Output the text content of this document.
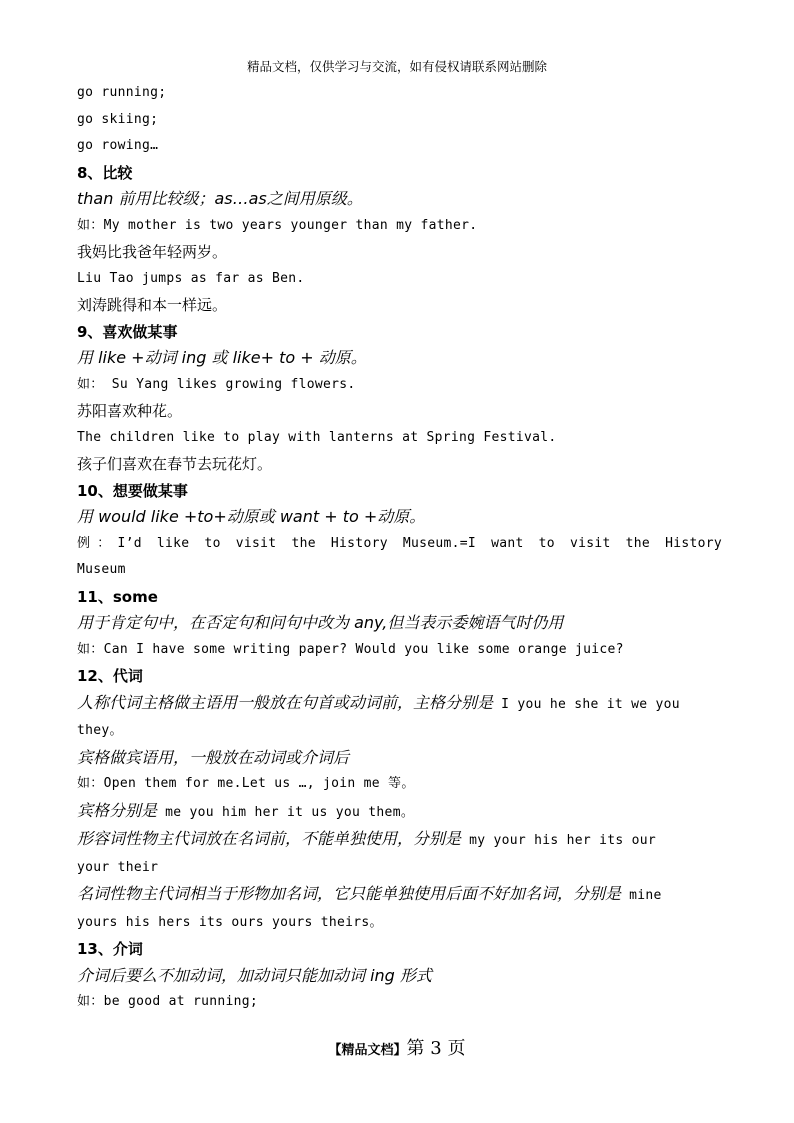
精品文档，仅供学习与交流，如有侵权请联系网站删除

go running;

go skiing;

go rowing…

8、比较

than 前用比较级；as…as之间用原级。

如：My mother is two years younger than my father.

我妈比我爸年轻两岁。

Liu Tao jumps as far as Ben.

刘涛跳得和本一样远。

9、喜欢做某事

用 like +动词 ing 或 like+ to + 动原。

如： Su Yang likes growing flowers.

苏阳喜欢种花。

The children like to play with lanterns at Spring Festival.

孩子们喜欢在春节去玩花灯。

10、想要做某事

用 would like +to+动原或 want + to +动原。

例：I’d like to visit the History Museum.=I want to visit the History

Museum

11、some

用于肯定句中，在否定句和问句中改为 any,但当表示委婉语气时仍用

如：Can I have some writing paper? Would you like some orange juice?

12、代词

人称代词主格做主语用一般放在句首或动词前，主格分别是 I you he she it we you

they。

宾格做宾语用，一般放在动词或介词后

如：Open them for me.Let us …, join me 等。

宾格分别是 me you him her it us you them。

形容词性物主代词放在名词前，不能单独使用，分别是 my your his her its our

your their

名词性物主代词相当于形物加名词，它只能单独使用后面不好加名词，分别是 mine

yours his hers its ours yours theirs。

13、介词

介词后要么不加动词，加动词只能加动词 ing 形式

如：be good at running;

【精品文档】第 3 页
